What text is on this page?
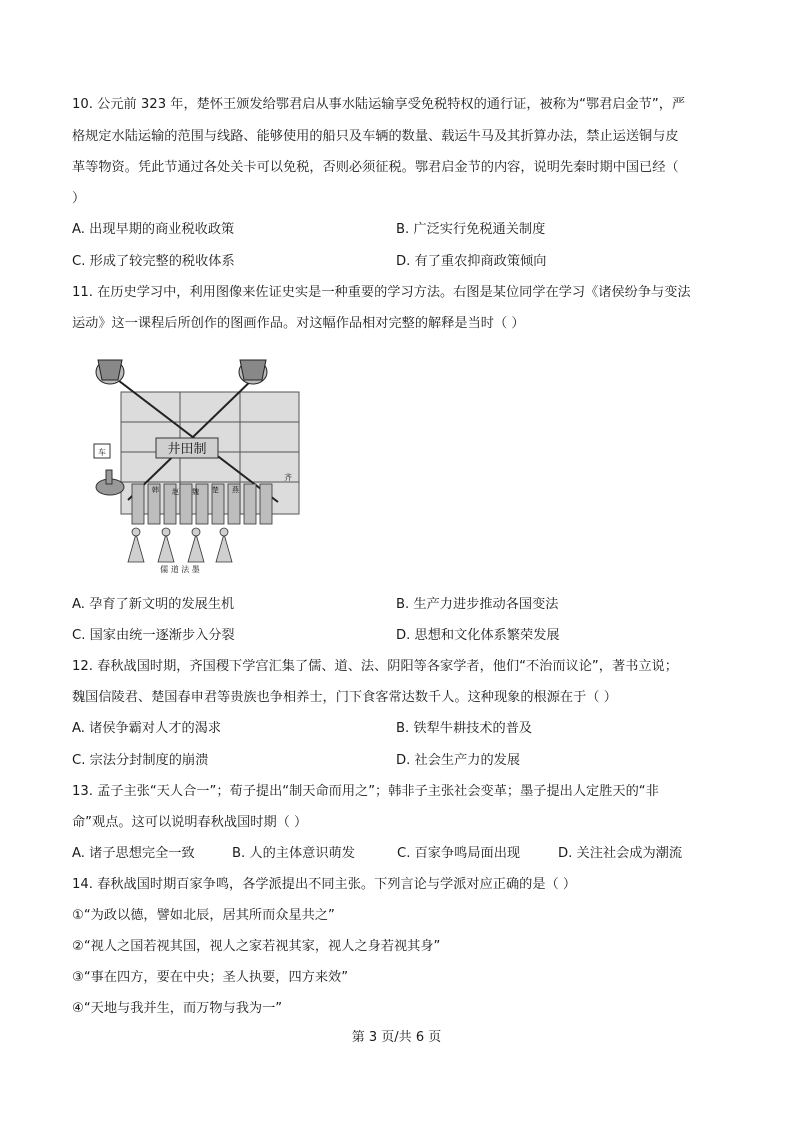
10. 公元前 323 年，楚怀王颁发给鄂君启从事水陆运输享受免税特权的通行证，被称为“鄂君启金节”，严
格规定水陆运输的范围与线路、能够使用的船只及车辆的数量、载运牛马及其折算办法，禁止运送铜与皮
革等物资。凭此节通过各处关卡可以免税，否则必须征税。鄂君启金节的内容，说明先秦时期中国已经（
）
A. 出现早期的商业税收政策	B. 广泛实行免税通关制度
C. 形成了较完整的税收体系	D. 有了重农抑商政策倾向
11. 在历史学习中，利用图像来佐证史实是一种重要的学习方法。右图是某位同学在学习《诸侯纷争与变法
运动》这一课程后所创作的图画作品。对这幅作品相对完整的解释是当时（ ）
井田制
车
齐
韩 赵 魏 楚 燕
儒 道 法 墨
A. 孕育了新文明的发展生机	B. 生产力进步推动各国变法
C. 国家由统一逐渐步入分裂	D. 思想和文化体系繁荣发展
12. 春秋战国时期，齐国稷下学宫汇集了儒、道、法、阴阳等各家学者，他们“不治而议论”，著书立说；
魏国信陵君、楚国春申君等贵族也争相养士，门下食客常达数千人。这种现象的根源在于（ ）
A. 诸侯争霸对人才的渴求	B. 铁犁牛耕技术的普及
C. 宗法分封制度的崩溃	D. 社会生产力的发展
13. 孟子主张“天人合一”；荀子提出“制天命而用之”；韩非子主张社会变革；墨子提出人定胜天的“非
命”观点。这可以说明春秋战国时期（ ）
A. 诸子思想完全一致	B. 人的主体意识萌发	C. 百家争鸣局面出现	D. 关注社会成为潮流
14. 春秋战国时期百家争鸣，各学派提出不同主张。下列言论与学派对应正确的是（ ）
①“为政以德，譬如北辰，居其所而众星共之”
②“视人之国若视其国，视人之家若视其家，视人之身若视其身”
③“事在四方，要在中央；圣人执要，四方来效”
④“天地与我并生，而万物与我为一”
第 3 页/共 6 页
